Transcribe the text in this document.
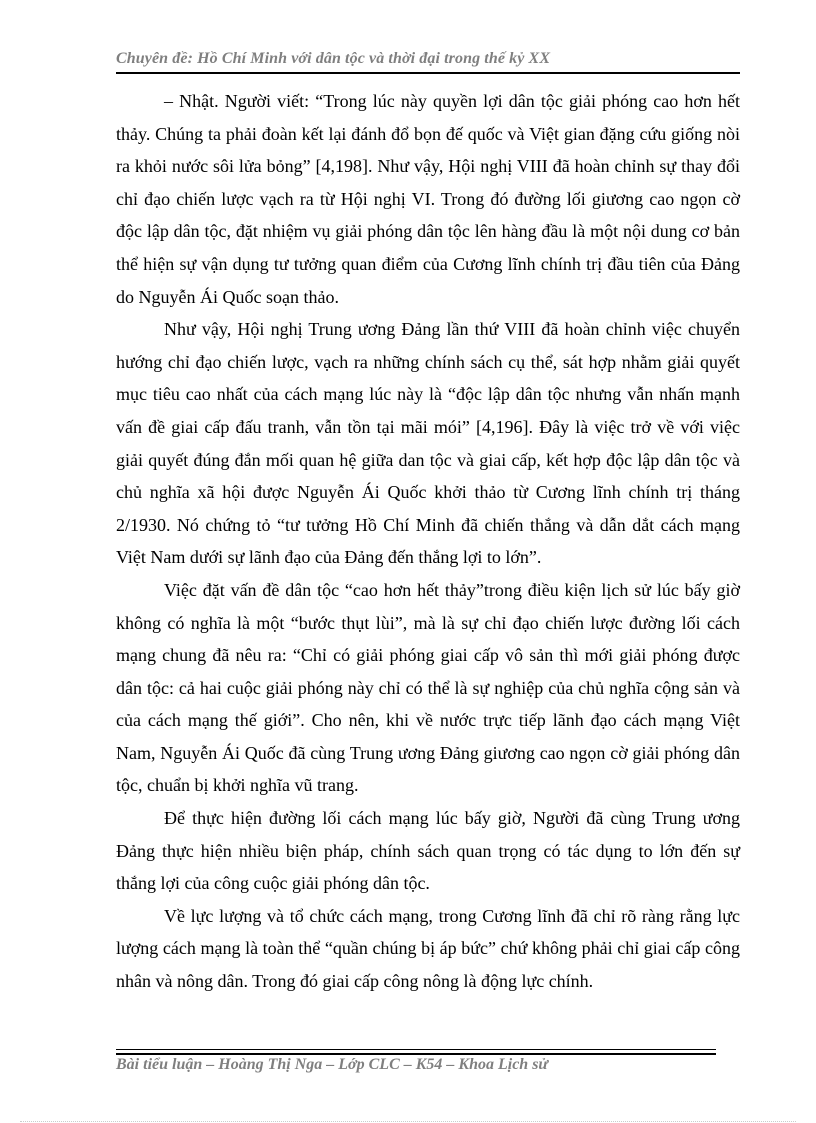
Chuyên đề: Hồ Chí Minh với dân tộc và thời đại trong thế kỷ XX

– Nhật. Người viết: “Trong lúc này quyền lợi dân tộc giải phóng cao hơn hết thảy. Chúng ta phải đoàn kết lại đánh đổ bọn đế quốc và Việt gian đặng cứu giống nòi ra khỏi nước sôi lửa bỏng” [4,198]. Như vậy, Hội nghị VIII đã hoàn chỉnh sự thay đổi chỉ đạo chiến lược vạch ra từ Hội nghị VI. Trong đó đường lối giương cao ngọn cờ độc lập dân tộc, đặt nhiệm vụ giải phóng dân tộc lên hàng đầu là một nội dung cơ bản thể hiện sự vận dụng tư tưởng quan điểm của Cương lĩnh chính trị đầu tiên của Đảng do Nguyễn Ái Quốc soạn thảo.

Như vậy, Hội nghị Trung ương Đảng lần thứ VIII đã hoàn chỉnh việc chuyển hướng chỉ đạo chiến lược, vạch ra những chính sách cụ thể, sát hợp nhằm giải quyết mục tiêu cao nhất của cách mạng lúc này là “độc lập dân tộc nhưng vẫn nhấn mạnh vấn đề giai cấp đấu tranh, vẫn tồn tại mãi mói” [4,196]. Đây là việc trở về với việc giải quyết đúng đắn mối quan hệ giữa dan tộc và giai cấp, kết hợp độc lập dân tộc và chủ nghĩa xã hội được Nguyễn Ái Quốc khởi thảo từ Cương lĩnh chính trị tháng 2/1930. Nó chứng tỏ “tư tưởng Hồ Chí Minh đã chiến thắng và dẫn dắt cách mạng Việt Nam dưới sự lãnh đạo của Đảng đến thắng lợi to lớn”.

Việc đặt vấn đề dân tộc “cao hơn hết thảy”trong điều kiện lịch sử lúc bấy giờ không có nghĩa là một “bước thụt lùi”, mà là sự chỉ đạo chiến lược đường lối cách mạng chung đã nêu ra: “Chỉ có giải phóng giai cấp vô sản thì mới giải phóng được dân tộc: cả hai cuộc giải phóng này chỉ có thể là sự nghiệp của chủ nghĩa cộng sản và của cách mạng thế giới”. Cho nên, khi về nước trực tiếp lãnh đạo cách mạng Việt Nam, Nguyễn Ái Quốc đã cùng Trung ương Đảng giương cao ngọn cờ giải phóng dân tộc, chuẩn bị khởi nghĩa vũ trang.

Để thực hiện đường lối cách mạng lúc bấy giờ, Người đã cùng Trung ương Đảng thực hiện nhiều biện pháp, chính sách quan trọng có tác dụng to lớn đến sự thắng lợi của công cuộc giải phóng dân tộc.

Về lực lượng và tổ chức cách mạng, trong Cương lĩnh đã chỉ rõ ràng rằng lực lượng cách mạng là toàn thể “quần chúng bị áp bức” chứ không phải chỉ giai cấp công nhân và nông dân. Trong đó giai cấp công nông là động lực chính.

Bài tiểu luận – Hoàng Thị Nga – Lớp CLC – K54 – Khoa Lịch sử
